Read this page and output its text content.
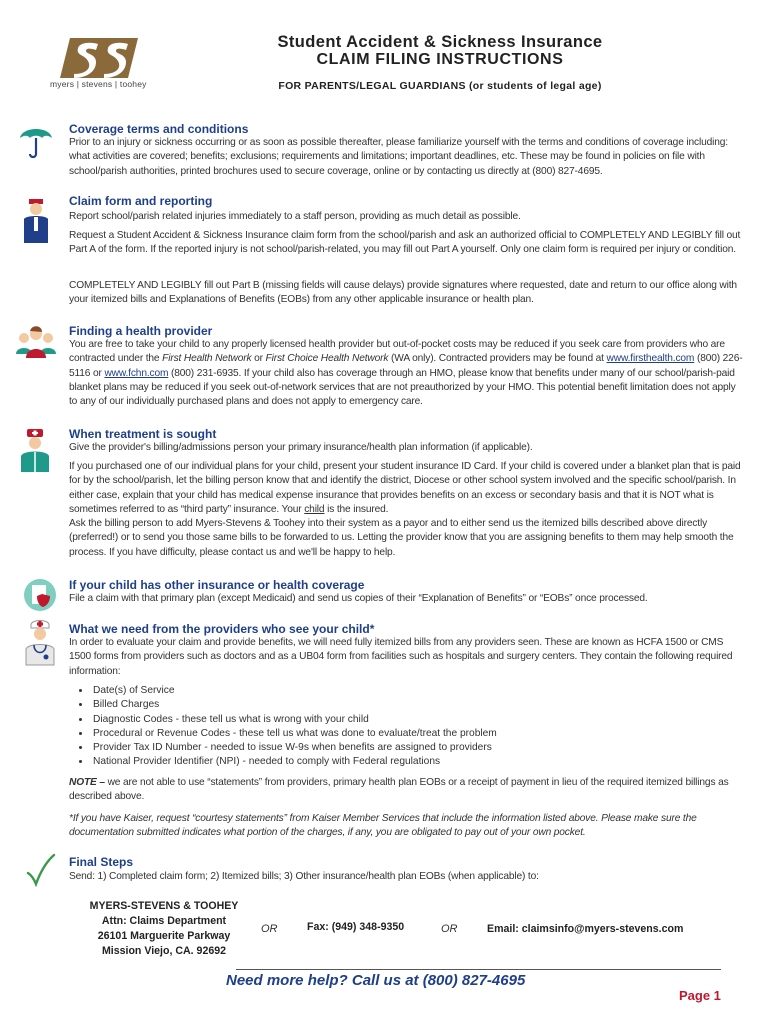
myers | stevens | toohey
Student Accident & Sickness Insurance
CLAIM FILING INSTRUCTIONS
FOR PARENTS/LEGAL GUARDIANS (or students of legal age)
Coverage terms and conditions
Prior to an injury or sickness occurring or as soon as possible thereafter, please familiarize yourself with the terms and conditions of coverage including: what activities are covered; benefits; exclusions; requirements and limitations; important deadlines, etc. These may be found in policies on file with school/parish authorities, printed brochures used to secure coverage, online or by contacting us directly at (800) 827-4695.
Claim form and reporting
Report school/parish related injuries immediately to a staff person, providing as much detail as possible.
Request a Student Accident & Sickness Insurance claim form from the school/parish and ask an authorized official to COMPLETELY AND LEGIBLY fill out Part A of the form. If the reported injury is not school/parish-related, you may fill out Part A yourself. Only one claim form is required per injury or condition.
COMPLETELY AND LEGIBLY fill out Part B (missing fields will cause delays) provide signatures where requested, date and return to our office along with your itemized bills and Explanations of Benefits (EOBs) from any other applicable insurance or health plan.
Finding a health provider
You are free to take your child to any properly licensed health provider but out-of-pocket costs may be reduced if you seek care from providers who are contracted under the First Health Network or First Choice Health Network (WA only). Contracted providers may be found at www.firsthealth.com (800) 226-5116 or www.fchn.com (800) 231-6935. If your child also has coverage through an HMO, please know that benefits under many of our school/parish-paid blanket plans may be reduced if you seek out-of-network services that are not preauthorized by your HMO. This potential benefit limitation does not apply to any of our individually purchased plans and does not apply to emergency care.
When treatment is sought
Give the provider's billing/admissions person your primary insurance/health plan information (if applicable).
If you purchased one of our individual plans for your child, present your student insurance ID Card. If your child is covered under a blanket plan that is paid for by the school/parish, let the billing person know that and identify the district, Diocese or other school system involved and the specific school/parish. In either case, explain that your child has medical expense insurance that provides benefits on an excess or secondary basis and that it is NOT what is sometimes referred to as “third party” insurance. Your child is the insured.
Ask the billing person to add Myers-Stevens & Toohey into their system as a payor and to either send us the itemized bills described above directly (preferred!) or to send you those same bills to be forwarded to us. Letting the provider know that you are assigning benefits to them may help smooth the process. If you have difficulty, please contact us and we'll be happy to help.
If your child has other insurance or health coverage
File a claim with that primary plan (except Medicaid) and send us copies of their “Explanation of Benefits” or “EOBs” once processed.
What we need from the providers who see your child*
In order to evaluate your claim and provide benefits, we will need fully itemized bills from any providers seen. These are known as HCFA 1500 or CMS 1500 forms from providers such as doctors and as a UB04 form from facilities such as hospitals and surgery centers. They contain the following required information:
• Date(s) of Service
• Billed Charges
• Diagnostic Codes - these tell us what is wrong with your child
• Procedural or Revenue Codes - these tell us what was done to evaluate/treat the problem
• Provider Tax ID Number - needed to issue W-9s when benefits are assigned to providers
• National Provider Identifier (NPI) - needed to comply with Federal regulations
NOTE – we are not able to use “statements” from providers, primary health plan EOBs or a receipt of payment in lieu of the required itemized billings as described above.
*If you have Kaiser, request “courtesy statements” from Kaiser Member Services that include the information listed above. Please make sure the documentation submitted indicates what portion of the charges, if any, you are obligated to pay out of your own pocket.
Final Steps
Send: 1) Completed claim form; 2) Itemized bills; 3) Other insurance/health plan EOBs (when applicable) to:
MYERS-STEVENS & TOOHEY
Attn: Claims Department
26101 Marguerite Parkway
Mission Viejo, CA. 92692
OR	Fax: (949) 348-9350	OR	Email: claimsinfo@myers-stevens.com
Need more help? Call us at (800) 827-4695
Page 1
